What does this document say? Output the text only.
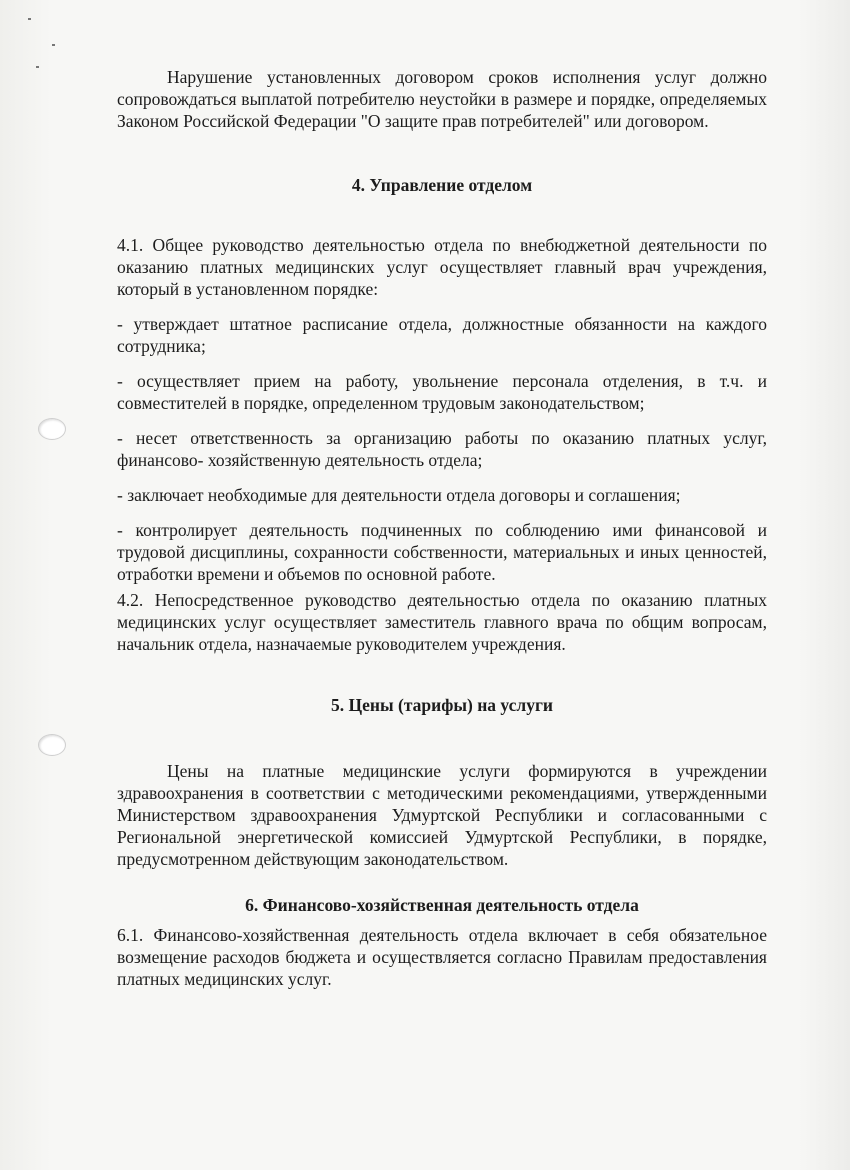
Нарушение установленных договором сроков исполнения услуг должно сопровождаться выплатой потребителю неустойки в размере и порядке, определяемых Законом Российской Федерации "О защите прав потребителей" или договором.

4. Управление отделом

4.1. Общее руководство деятельностью отдела по внебюджетной деятельности по оказанию платных медицинских услуг осуществляет главный врач учреждения, который в установленном порядке:

- утверждает штатное расписание отдела, должностные обязанности на каждого сотрудника;

- осуществляет прием на работу, увольнение персонала отделения, в т.ч. и совместителей в порядке, определенном трудовым законодательством;

- несет ответственность за организацию работы по оказанию платных услуг, финансово- хозяйственную деятельность отдела;

- заключает необходимые для деятельности отдела договоры и соглашения;

- контролирует деятельность подчиненных по соблюдению ими финансовой и трудовой дисциплины, сохранности собственности, материальных и иных ценностей, отработки времени и объемов по основной работе.

4.2. Непосредственное руководство деятельностью отдела по оказанию платных медицинских услуг осуществляет заместитель главного врача по общим вопросам, начальник отдела, назначаемые руководителем учреждения.

5. Цены (тарифы) на услуги

Цены на платные медицинские услуги формируются в учреждении здравоохранения в соответствии с методическими рекомендациями, утвержденными Министерством здравоохранения Удмуртской Республики и согласованными с Региональной энергетической комиссией Удмуртской Республики, в порядке, предусмотренном действующим законодательством.

6. Финансово-хозяйственная деятельность отдела

6.1. Финансово-хозяйственная деятельность отдела включает в себя обязательное возмещение расходов бюджета и осуществляется согласно Правилам предоставления платных медицинских услуг.
